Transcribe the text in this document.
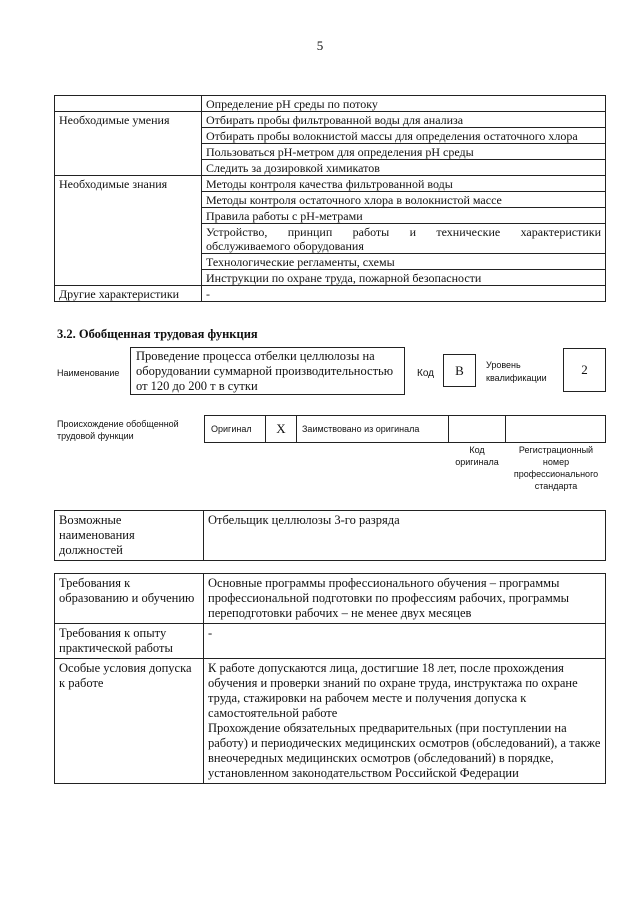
5
	Определение pH среды по потоку
Необходимые умения	Отбирать пробы фильтрованной воды для анализа
	Отбирать пробы волокнистой массы для определения остаточного хлора
	Пользоваться pH-метром для определения pH среды
	Следить за дозировкой химикатов
Необходимые знания	Методы контроля качества фильтрованной воды
	Методы контроля остаточного хлора в волокнистой массе
	Правила работы с pH-метрами
	Устройство, принцип работы и технические характеристики обслуживаемого оборудования
	Технологические регламенты, схемы
	Инструкции по охране труда, пожарной безопасности
Другие характеристики	-
3.2. Обобщенная трудовая функция
Наименование
Проведение процесса отбелки целлюлозы на оборудовании суммарной производительностью от 120 до 200 т в сутки
Код	B	Уровень квалификации
2
Происхождение обобщенной трудовой функции
Оригинал	X	Заимствовано из оригинала
Код оригинала
Регистрационный номер профессионального стандарта
Возможные наименования должностей	Отбельщик целлюлозы 3-го разряда
Требования к образованию и обучению	Основные программы профессионального обучения – программы профессиональной подготовки по профессиям рабочих, программы переподготовки рабочих – не менее двух месяцев
Требования к опыту практической работы	-
Особые условия допуска к работе	К работе допускаются лица, достигшие 18 лет, после прохождения обучения и проверки знаний по охране труда, инструктажа по охране труда, стажировки на рабочем месте и получения допуска к самостоятельной работе
Прохождение обязательных предварительных (при поступлении на работу) и периодических медицинских осмотров (обследований), а также внеочередных медицинских осмотров (обследований) в порядке, установленном законодательством Российской Федерации
